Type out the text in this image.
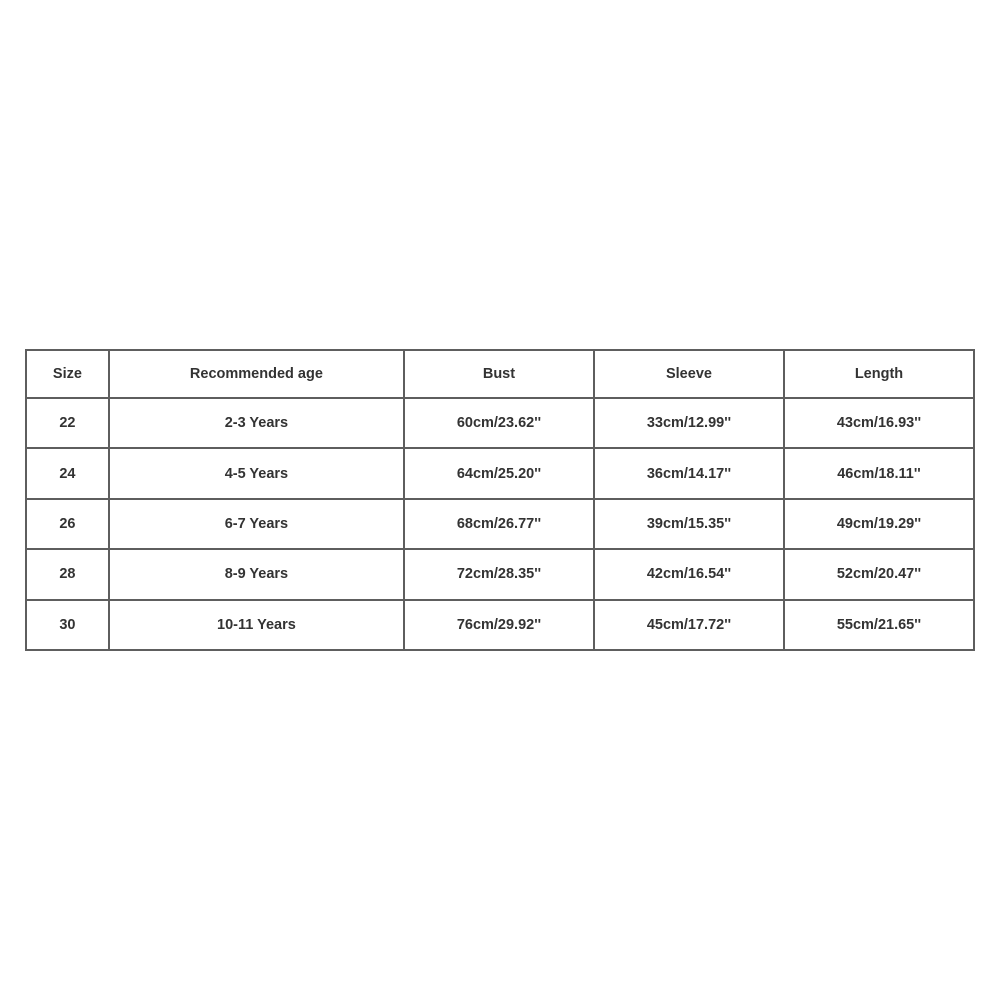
Size	Recommended age	Bust	Sleeve	Length
22	2-3 Years	60cm/23.62''	33cm/12.99''	43cm/16.93''
24	4-5 Years	64cm/25.20''	36cm/14.17''	46cm/18.11''
26	6-7 Years	68cm/26.77''	39cm/15.35''	49cm/19.29''
28	8-9 Years	72cm/28.35''	42cm/16.54''	52cm/20.47''
30	10-11 Years	76cm/29.92''	45cm/17.72''	55cm/21.65''
